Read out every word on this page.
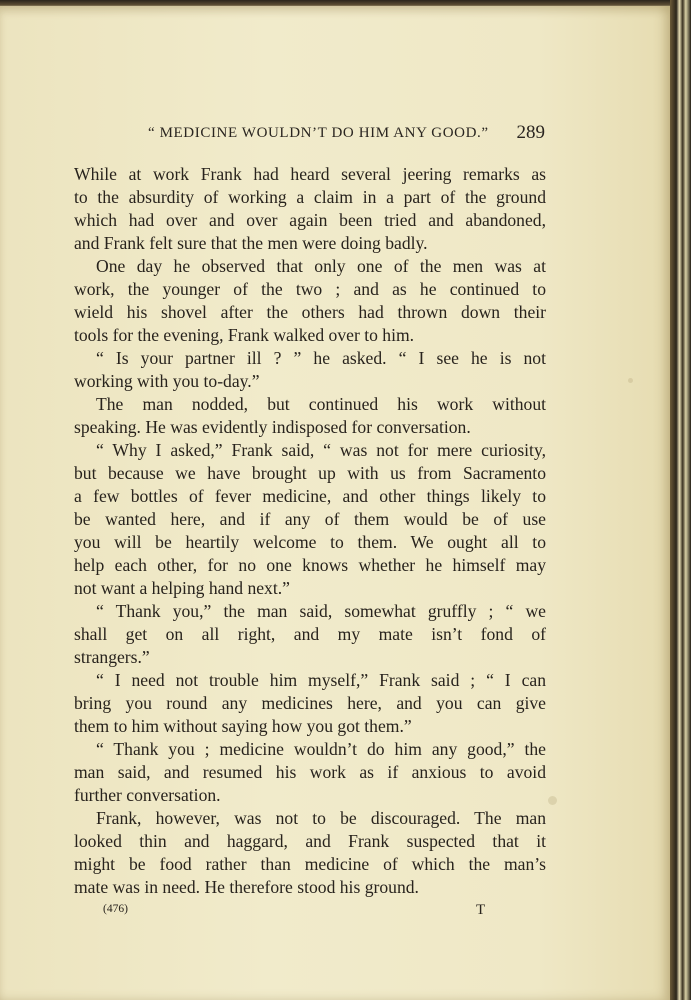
“ MEDICINE WOULDN’T DO HIM ANY GOOD.” 289
While at work Frank had heard several jeering remarks as
to the absurdity of working a claim in a part of the ground
which had over and over again been tried and abandoned,
and Frank felt sure that the men were doing badly.
One day he observed that only one of the men was at
work, the younger of the two ; and as he continued to
wield his shovel after the others had thrown down their
tools for the evening, Frank walked over to him.
“ Is your partner ill ? ” he asked. “ I see he is not
working with you to-day.”
The man nodded, but continued his work without
speaking. He was evidently indisposed for conversation.
“ Why I asked,” Frank said, “ was not for mere curiosity,
but because we have brought up with us from Sacramento
a few bottles of fever medicine, and other things likely to
be wanted here, and if any of them would be of use
you will be heartily welcome to them. We ought all to
help each other, for no one knows whether he himself may
not want a helping hand next.”
“ Thank you,” the man said, somewhat gruffly ; “ we
shall get on all right, and my mate isn’t fond of
strangers.”
“ I need not trouble him myself,” Frank said ; “ I can
bring you round any medicines here, and you can give
them to him without saying how you got them.”
“ Thank you ; medicine wouldn’t do him any good,” the
man said, and resumed his work as if anxious to avoid
further conversation.
Frank, however, was not to be discouraged. The man
looked thin and haggard, and Frank suspected that it
might be food rather than medicine of which the man’s
mate was in need. He therefore stood his ground.
(476)	T
